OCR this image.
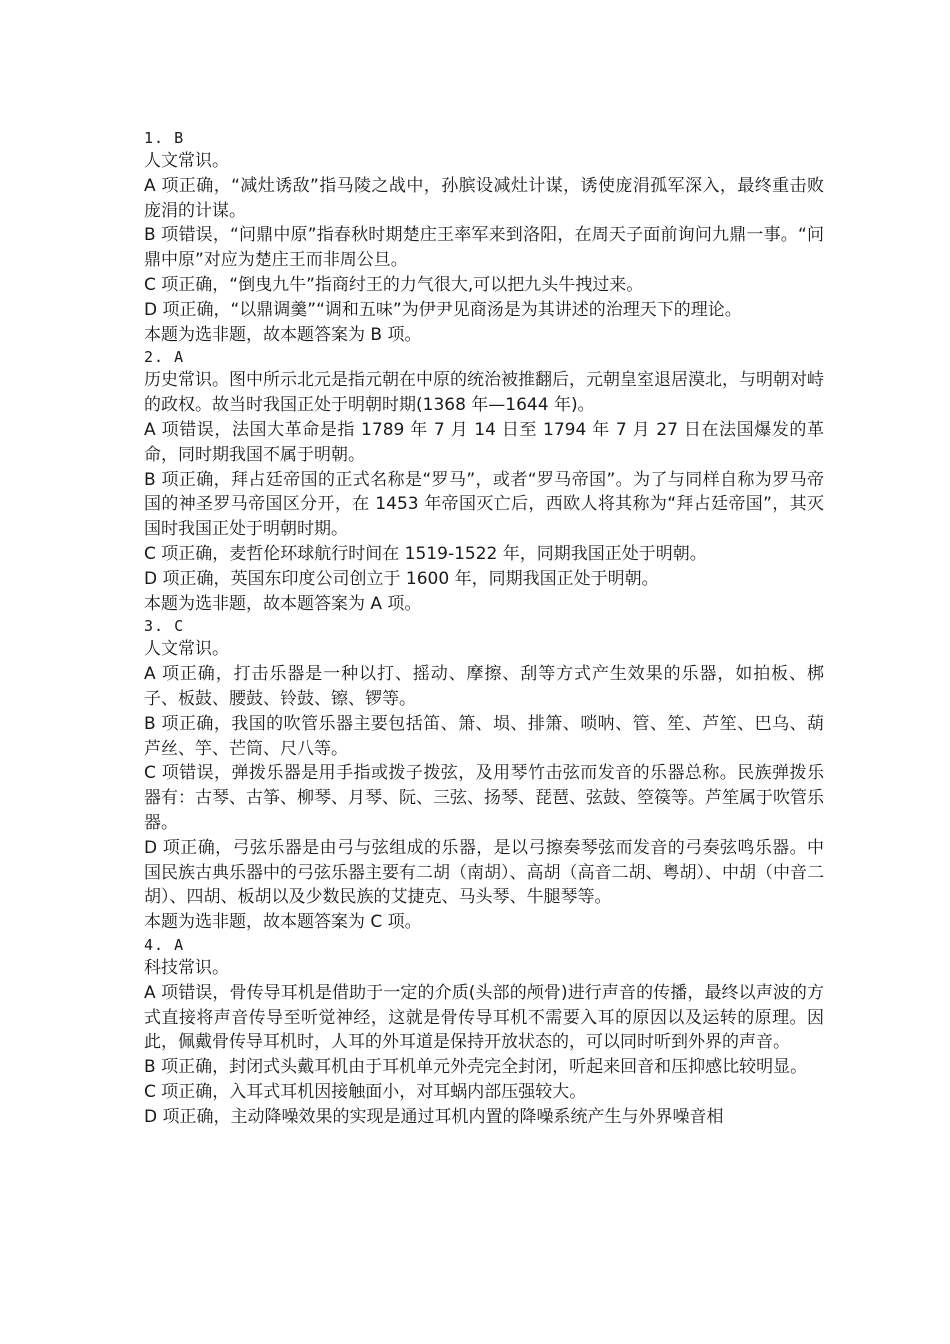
1. B
人文常识。
A 项正确，“减灶诱敌”指马陵之战中，孙膑设减灶计谋，诱使庞涓孤军深入，最终重击败庞涓的计谋。
B 项错误，“问鼎中原”指春秋时期楚庄王率军来到洛阳，在周天子面前询问九鼎一事。“问鼎中原”对应为楚庄王而非周公旦。
C 项正确，“倒曳九牛”指商纣王的力气很大,可以把九头牛拽过来。
D 项正确，“以鼎调羹”“调和五味”为伊尹见商汤是为其讲述的治理天下的理论。
本题为选非题，故本题答案为 B 项。
2. A
历史常识。图中所示北元是指元朝在中原的统治被推翻后，元朝皇室退居漠北，与明朝对峙的政权。故当时我国正处于明朝时期(1368 年—1644 年)。
A 项错误，法国大革命是指 1789 年 7 月 14 日至 1794 年 7 月 27 日在法国爆发的革命，同时期我国不属于明朝。
B 项正确，拜占廷帝国的正式名称是“罗马”，或者“罗马帝国”。为了与同样自称为罗马帝国的神圣罗马帝国区分开，在 1453 年帝国灭亡后，西欧人将其称为“拜占廷帝国”，其灭国时我国正处于明朝时期。
C 项正确，麦哲伦环球航行时间在 1519-1522 年，同期我国正处于明朝。
D 项正确，英国东印度公司创立于 1600 年，同期我国正处于明朝。
本题为选非题，故本题答案为 A 项。
3. C
人文常识。
A 项正确，打击乐器是一种以打、摇动、摩擦、刮等方式产生效果的乐器，如拍板、梆子、板鼓、腰鼓、铃鼓、镲、锣等。
B 项正确，我国的吹管乐器主要包括笛、箫、埙、排箫、唢呐、管、笙、芦笙、巴乌、葫芦丝、竽、芒筒、尺八等。
C 项错误，弹拨乐器是用手指或拨子拨弦，及用琴竹击弦而发音的乐器总称。民族弹拨乐器有：古琴、古筝、柳琴、月琴、阮、三弦、扬琴、琵琶、弦鼓、箜篌等。芦笙属于吹管乐器。
D 项正确，弓弦乐器是由弓与弦组成的乐器，是以弓擦奏琴弦而发音的弓奏弦鸣乐器。中国民族古典乐器中的弓弦乐器主要有二胡（南胡）、高胡（高音二胡、粤胡）、中胡（中音二胡）、四胡、板胡以及少数民族的艾捷克、马头琴、牛腿琴等。
本题为选非题，故本题答案为 C 项。
4. A
科技常识。
A 项错误，骨传导耳机是借助于一定的介质(头部的颅骨)进行声音的传播，最终以声波的方式直接将声音传导至听觉神经，这就是骨传导耳机不需要入耳的原因以及运转的原理。因此，佩戴骨传导耳机时，人耳的外耳道是保持开放状态的，可以同时听到外界的声音。
B 项正确，封闭式头戴耳机由于耳机单元外壳完全封闭，听起来回音和压抑感比较明显。
C 项正确，入耳式耳机因接触面小，对耳蜗内部压强较大。
D 项正确，主动降噪效果的实现是通过耳机内置的降噪系统产生与外界噪音相
